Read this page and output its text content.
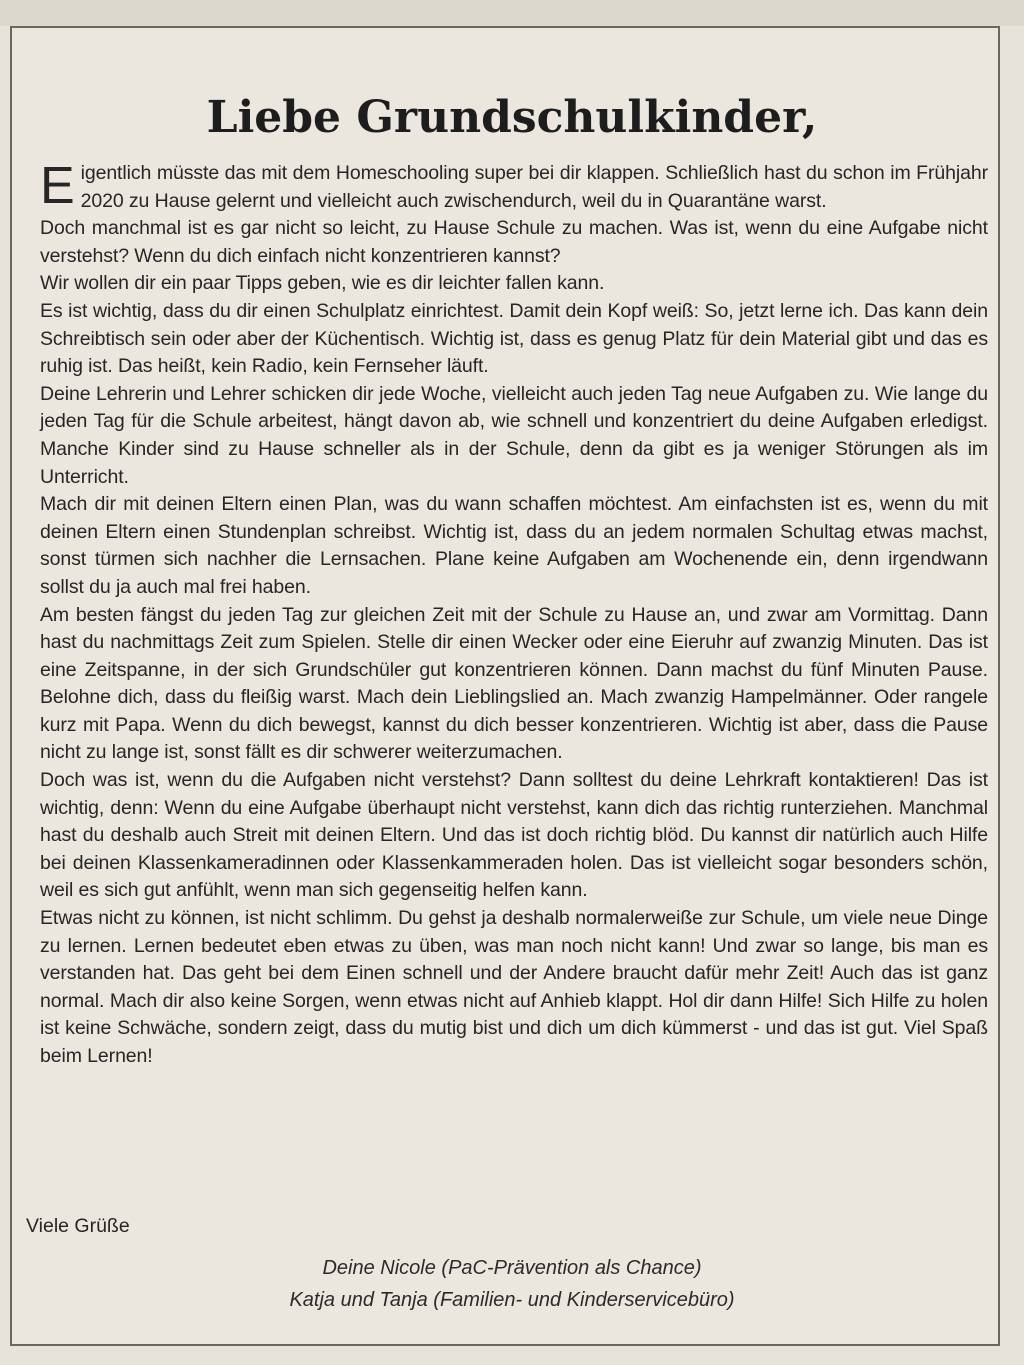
Liebe Grundschulkinder,

Eigentlich müsste das mit dem Homeschooling super bei dir klappen. Schließlich hast du schon im Frühjahr 2020 zu Hause gelernt und vielleicht auch zwischendurch, weil du in Quarantäne warst.

Doch manchmal ist es gar nicht so leicht, zu Hause Schule zu machen. Was ist, wenn du eine Aufgabe nicht verstehst? Wenn du dich einfach nicht konzentrieren kannst?

Wir wollen dir ein paar Tipps geben, wie es dir leichter fallen kann.

Es ist wichtig, dass du dir einen Schulplatz einrichtest. Damit dein Kopf weiß: So, jetzt lerne ich. Das kann dein Schreibtisch sein oder aber der Küchentisch. Wichtig ist, dass es genug Platz für dein Material gibt und das es ruhig ist. Das heißt, kein Radio, kein Fernseher läuft.

Deine Lehrerin und Lehrer schicken dir jede Woche, vielleicht auch jeden Tag neue Aufgaben zu. Wie lange du jeden Tag für die Schule arbeitest, hängt davon ab, wie schnell und konzentriert du deine Aufgaben erledigst. Manche Kinder sind zu Hause schneller als in der Schule, denn da gibt es ja weniger Störungen als im Unterricht.

Mach dir mit deinen Eltern einen Plan, was du wann schaffen möchtest. Am einfachsten ist es, wenn du mit deinen Eltern einen Stundenplan schreibst. Wichtig ist, dass du an jedem normalen Schultag etwas machst, sonst türmen sich nachher die Lernsachen. Plane keine Aufgaben am Wochenende ein, denn irgendwann sollst du ja auch mal frei haben.

Am besten fängst du jeden Tag zur gleichen Zeit mit der Schule zu Hause an, und zwar am Vormittag. Dann hast du nachmittags Zeit zum Spielen. Stelle dir einen Wecker oder eine Eieruhr auf zwanzig Minuten. Das ist eine Zeitspanne, in der sich Grundschüler gut konzentrieren können. Dann machst du fünf Minuten Pause. Belohne dich, dass du fleißig warst. Mach dein Lieblingslied an. Mach zwanzig Hampelmänner. Oder rangele kurz mit Papa. Wenn du dich bewegst, kannst du dich besser konzentrieren. Wichtig ist aber, dass die Pause nicht zu lange ist, sonst fällt es dir schwerer weiterzumachen.

Doch was ist, wenn du die Aufgaben nicht verstehst? Dann solltest du deine Lehrkraft kontaktieren! Das ist wichtig, denn: Wenn du eine Aufgabe überhaupt nicht verstehst, kann dich das richtig runterziehen. Manchmal hast du deshalb auch Streit mit deinen Eltern. Und das ist doch richtig blöd. Du kannst dir natürlich auch Hilfe bei deinen Klassenkameradinnen oder Klassenkammeraden holen. Das ist vielleicht sogar besonders schön, weil es sich gut anfühlt, wenn man sich gegenseitig helfen kann.

Etwas nicht zu können, ist nicht schlimm. Du gehst ja deshalb normalerweiße zur Schule, um viele neue Dinge zu lernen. Lernen bedeutet eben etwas zu üben, was man noch nicht kann! Und zwar so lange, bis man es verstanden hat. Das geht bei dem Einen schnell und der Andere braucht dafür mehr Zeit! Auch das ist ganz normal. Mach dir also keine Sorgen, wenn etwas nicht auf Anhieb klappt. Hol dir dann Hilfe! Sich Hilfe zu holen ist keine Schwäche, sondern zeigt, dass du mutig bist und dich um dich kümmerst - und das ist gut. Viel Spaß beim Lernen!

Viele Grüße

Deine Nicole (PaC-Prävention als Chance)
Katja und Tanja (Familien- und Kinderservicebüro)
